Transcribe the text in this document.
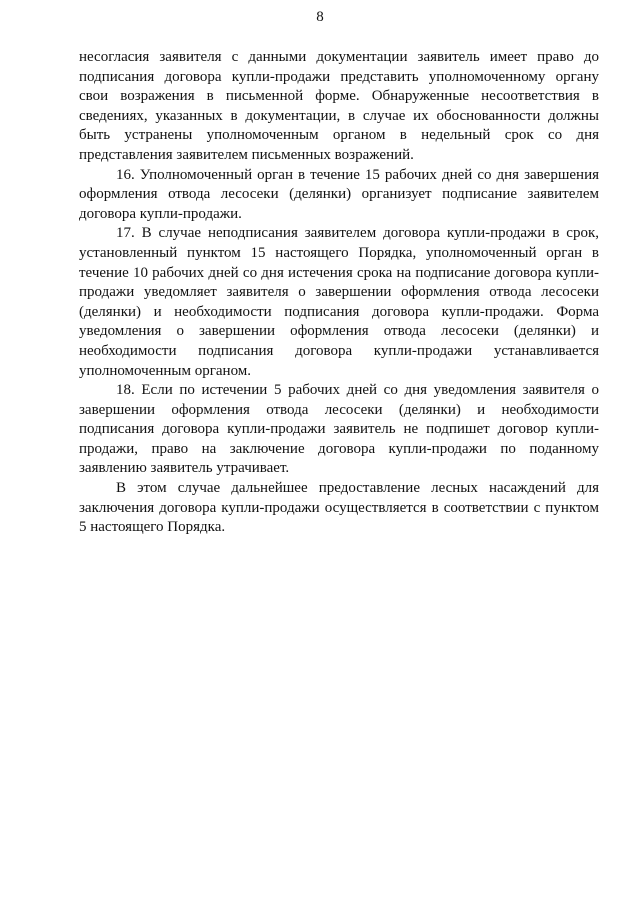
8

несогласия заявителя с данными документации заявитель имеет право до подписания договора купли-продажи представить уполномоченному органу свои возражения в письменной форме. Обнаруженные несоответствия в сведениях, указанных в документации, в случае их обоснованности должны быть устранены уполномоченным органом в недельный срок со дня представления заявителем письменных возражений.

16. Уполномоченный орган в течение 15 рабочих дней со дня завершения оформления отвода лесосеки (делянки) организует подписание заявителем договора купли-продажи.

17. В случае неподписания заявителем договора купли-продажи в срок, установленный пунктом 15 настоящего Порядка, уполномоченный орган в течение 10 рабочих дней со дня истечения срока на подписание договора купли-продажи уведомляет заявителя о завершении оформления отвода лесосеки (делянки) и необходимости подписания договора купли-продажи. Форма уведомления о завершении оформления отвода лесосеки (делянки) и необходимости подписания договора купли-продажи устанавливается уполномоченным органом.

18. Если по истечении 5 рабочих дней со дня уведомления заявителя о завершении оформления отвода лесосеки (делянки) и необходимости подписания договора купли-продажи заявитель не подпишет договор купли-продажи, право на заключение договора купли-продажи по поданному заявлению заявитель утрачивает.

В этом случае дальнейшее предоставление лесных насаждений для заключения договора купли-продажи осуществляется в соответствии с пунктом 5 настоящего Порядка.
